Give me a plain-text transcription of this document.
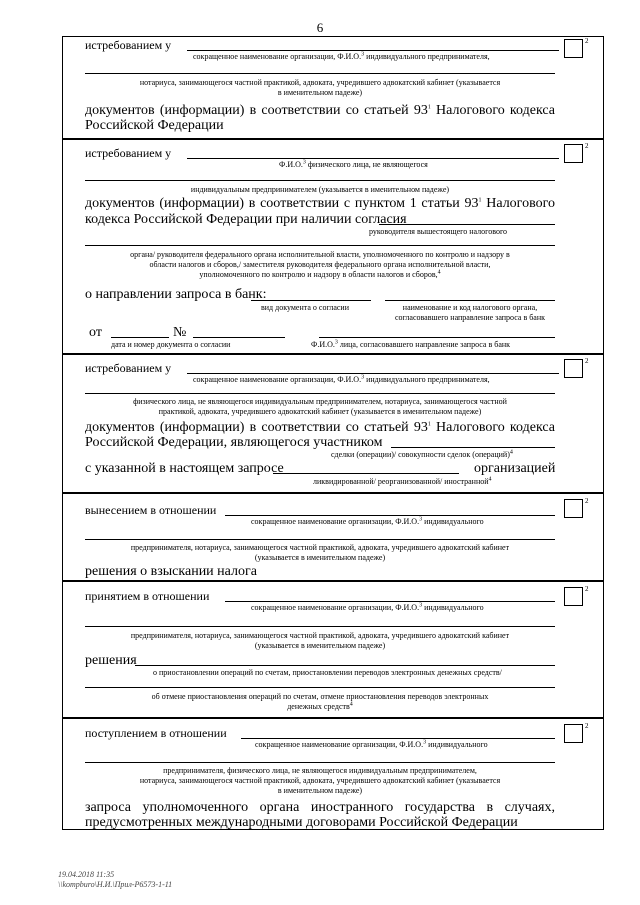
6
истребованием у	2
сокращенное наименование организации, Ф.И.О.$^3$ индивидуального предпринимателя,
нотариуса, занимающегося частной практикой, адвоката, учредившего адвокатский кабинет (указывается
в именительном падеже)
документов (информации) в соответствии со статьей $93^1$ Налогового кодекса
Российской Федерации
истребованием у	2
Ф.И.О.$^3$ физического лица, не являющегося
индивидуальным предпринимателем (указывается в именительном падеже)
документов (информации) в соответствии с пунктом 1 статьи $93^1$ Налогового
кодекса Российской Федерации при наличии согласия
руководителя вышестоящего налогового
органа/ руководителя федерального органа исполнительной власти, уполномоченного по контролю и надзору в
области налогов и сборов,/ заместителя руководителя федерального органа исполнительной власти,
уполномоченного по контролю и надзору в области налогов и сборов,$^4$
о направлении запроса в банк:
вид документа о согласии	наименование и код налогового органа,
согласовавшего направление запроса в банк
от	№
дата и номер документа о согласии	Ф.И.О.$^3$ лица, согласовавшего направление запроса в банк
истребованием у	2
сокращенное наименование организации, Ф.И.О.$^3$ индивидуального предпринимателя,
физического лица, не являющегося индивидуальным предпринимателем, нотариуса, занимающегося частной
практикой, адвоката, учредившего адвокатский кабинет (указывается в именительном падеже)
документов (информации) в соответствии со статьей $93^1$ Налогового кодекса
Российской Федерации, являющегося участником
сделки (операции)/ совокупности сделок (операций)$^4$
с указанной в настоящем запросе	организацией
ликвидированной/ реорганизованной/ иностранной$^4$
вынесением в отношении
2
сокращенное наименование организации, Ф.И.О.$^3$ индивидуального
предпринимателя, нотариуса, занимающегося частной практикой, адвоката, учредившего адвокатский кабинет
(указывается в именительном падеже)
решения о взыскании налога
принятием в отношении	2
сокращенное наименование организации, Ф.И.О.$^3$ индивидуального
предпринимателя, нотариуса, занимающегося частной практикой, адвоката, учредившего адвокатский кабинет
(указывается в именительном падеже)
решения
о приостановлении операций по счетам, приостановлении переводов электронных денежных средств/
об отмене приостановления операций по счетам, отмене приостановления переводов электронных
денежных средств$^4$
поступлением в отношении	2
сокращенное наименование организации, Ф.И.О.$^3$ индивидуального
предпринимателя, физического лица, не являющегося индивидуальным предпринимателем,
нотариуса, занимающегося частной практикой, адвоката, учредившего адвокатский кабинет (указывается
в именительном падеже)
запроса уполномоченного органа иностранного государства в случаях,
предусмотренных международными договорами Российской Федерации
19.04.2018 11:35
\\kompburo\Н.И.\Прил-Р6573-1-11
